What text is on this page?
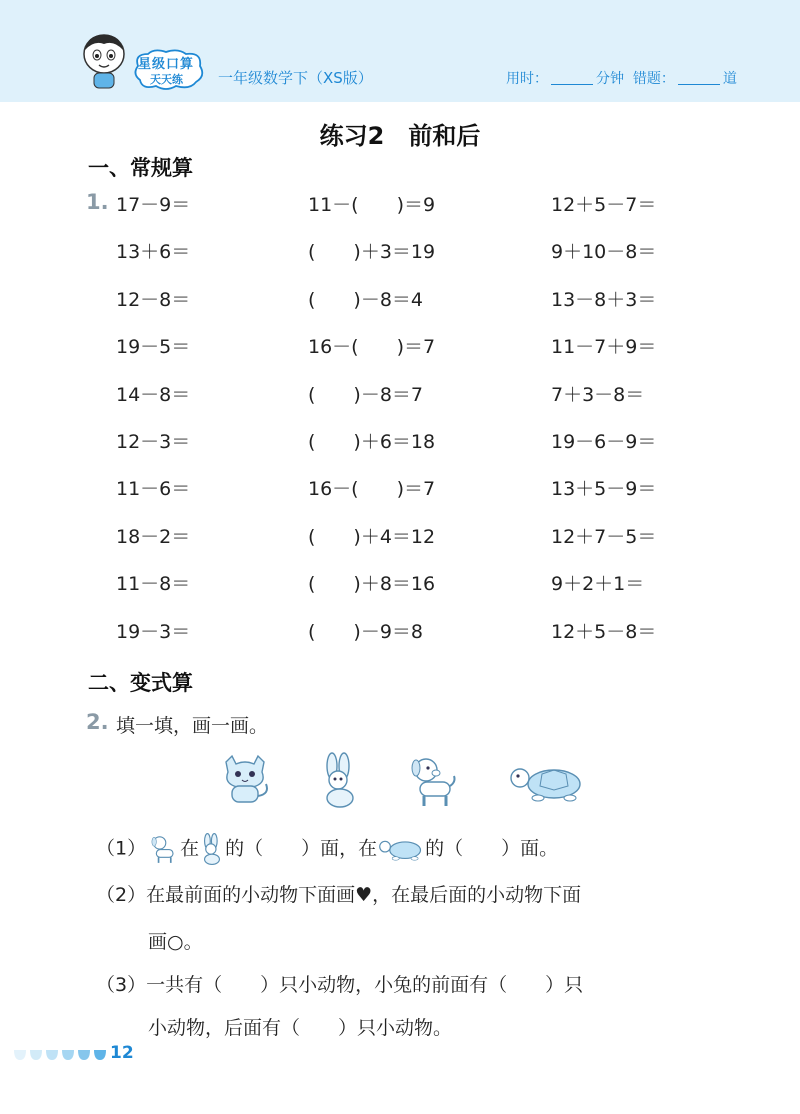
星级口算
天天练 一年级数学下（XS版）	用时：	分钟 错题：	道
练习2　前和后
一、常规算
1. 17－9＝	11－(　　)＝9	12＋5－7＝
13＋6＝	(　　)＋3＝19	9＋10－8＝
12－8＝	(　　)－8＝4	13－8＋3＝
19－5＝	16－(　　)＝7	11－7＋9＝
14－8＝	(　　)－8＝7	7＋3－8＝
12－3＝	(　　)＋6＝18	19－6－9＝
11－6＝	16－(　　)＝7	13＋5－9＝
18－2＝	(　　)＋4＝12	12＋7－5＝
11－8＝	(　　)＋8＝16	9＋2＋1＝
19－3＝	(　　)－9＝8	12＋5－8＝
二、变式算
2. 填一填，画一画。
（1） 在 的（　　）面，在	的（　　）面。
（2）在最前面的小动物下面画♥，在最后面的小动物下面
画○。
（3）一共有（　　）只小动物，小兔的前面有（　　）只
小动物，后面有（　　）只小动物。
12
